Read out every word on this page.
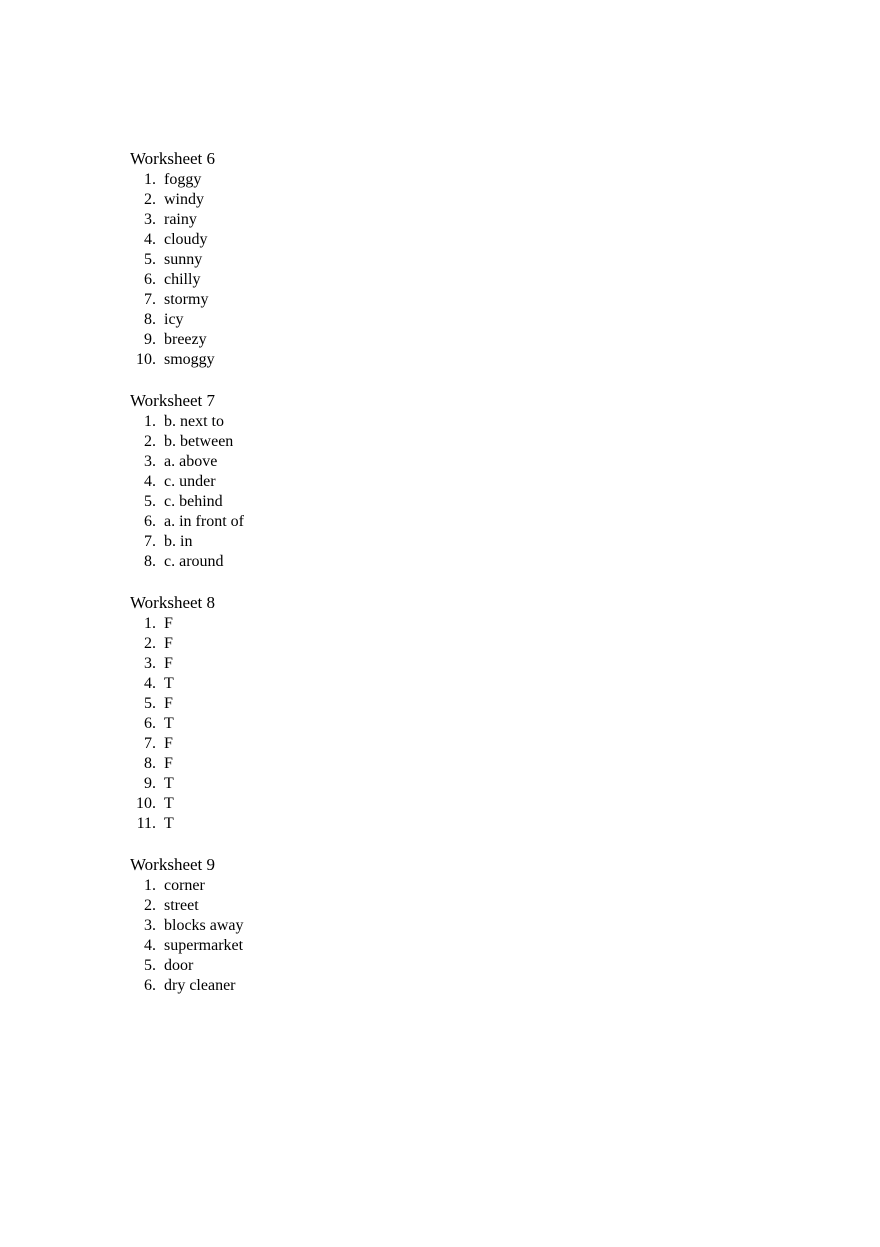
Worksheet 6
1. foggy
2. windy
3. rainy
4. cloudy
5. sunny
6. chilly
7. stormy
8. icy
9. breezy
10. smoggy
Worksheet 7
1. b. next to
2. b. between
3. a. above
4. c. under
5. c. behind
6. a. in front of
7. b. in
8. c. around
Worksheet 8
1. F
2. F
3. F
4. T
5. F
6. T
7. F
8. F
9. T
10. T
11. T
Worksheet 9
1. corner
2. street
3. blocks away
4. supermarket
5. door
6. dry cleaner
